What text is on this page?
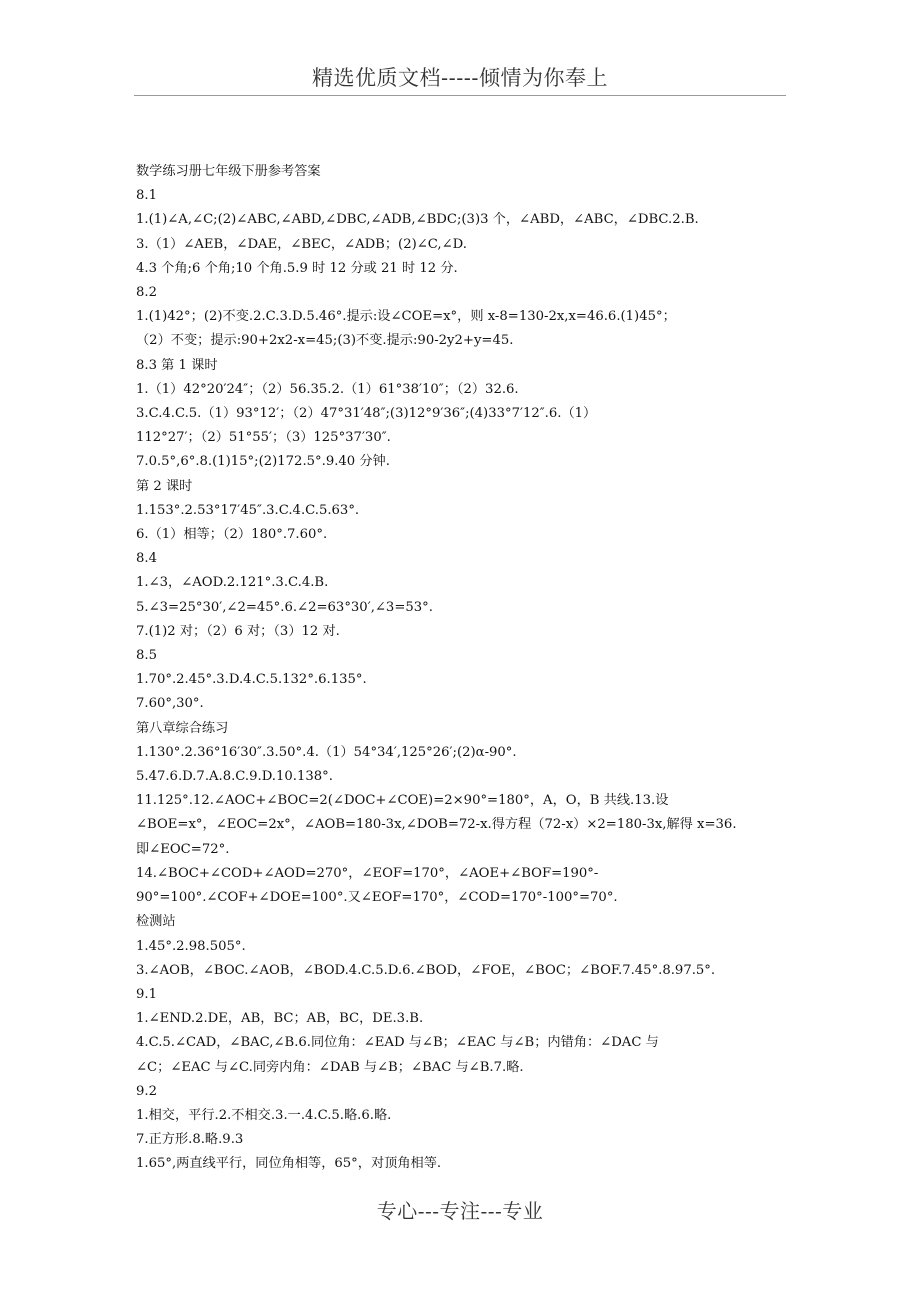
精选优质文档-----倾情为你奉上
数学练习册七年级下册参考答案
8.1
1.(1)∠A,∠C;(2)∠ABC,∠ABD,∠DBC,∠ADB,∠BDC;(3)3 个，∠ABD，∠ABC，∠DBC.2.B.
3.（1）∠AEB，∠DAE，∠BEC，∠ADB；(2)∠C,∠D.
4.3 个角;6 个角;10 个角.5.9 时 12 分或 21 时 12 分.
8.2
1.(1)42°；(2)不变.2.C.3.D.5.46°.提示:设∠COE=x°，则 x-8=130-2x,x=46.6.(1)45°；
（2）不变；提示:90+2x2-x=45;(3)不变.提示:90-2y2+y=45.
8.3 第 1 课时
1.（1）42°20′24″；（2）56.35.2.（1）61°38′10″；（2）32.6.
3.C.4.C.5.（1）93°12′；（2）47°31′48″;(3)12°9′36″;(4)33°7′12″.6.（1）
112°27′；（2）51°55′；（3）125°37′30″.
7.0.5°,6°.8.(1)15°;(2)172.5°.9.40 分钟.
第 2 课时
1.153°.2.53°17′45″.3.C.4.C.5.63°.
6.（1）相等；（2）180°.7.60°.
8.4
1.∠3，∠AOD.2.121°.3.C.4.B.
5.∠3=25°30′,∠2=45°.6.∠2=63°30′,∠3=53°.
7.(1)2 对；（2）6 对；（3）12 对.
8.5
1.70°.2.45°.3.D.4.C.5.132°.6.135°.
7.60°,30°.
第八章综合练习
1.130°.2.36°16′30″.3.50°.4.（1）54°34′,125°26′;(2)α-90°.
5.47.6.D.7.A.8.C.9.D.10.138°.
11.125°.12.∠AOC+∠BOC=2(∠DOC+∠COE)=2×90°=180°，A，O，B 共线.13.设
∠BOE=x°，∠EOC=2x°，∠AOB=180-3x,∠DOB=72-x.得方程（72-x）×2=180-3x,解得 x=36.
即∠EOC=72°.
14.∠BOC+∠COD+∠AOD=270°，∠EOF=170°，∠AOE+∠BOF=190°-
90°=100°.∠COF+∠DOE=100°.又∠EOF=170°，∠COD=170°-100°=70°.
检测站
1.45°.2.98.505°.
3.∠AOB，∠BOC.∠AOB，∠BOD.4.C.5.D.6.∠BOD，∠FOE，∠BOC；∠BOF.7.45°.8.97.5°.
9.1
1.∠END.2.DE，AB，BC；AB，BC，DE.3.B.
4.C.5.∠CAD，∠BAC,∠B.6.同位角：∠EAD 与∠B；∠EAC 与∠B；内错角：∠DAC 与
∠C；∠EAC 与∠C.同旁内角：∠DAB 与∠B；∠BAC 与∠B.7.略.
9.2
1.相交，平行.2.不相交.3.一.4.C.5.略.6.略.
7.正方形.8.略.9.3
1.65°,两直线平行，同位角相等，65°，对顶角相等.
专心---专注---专业
